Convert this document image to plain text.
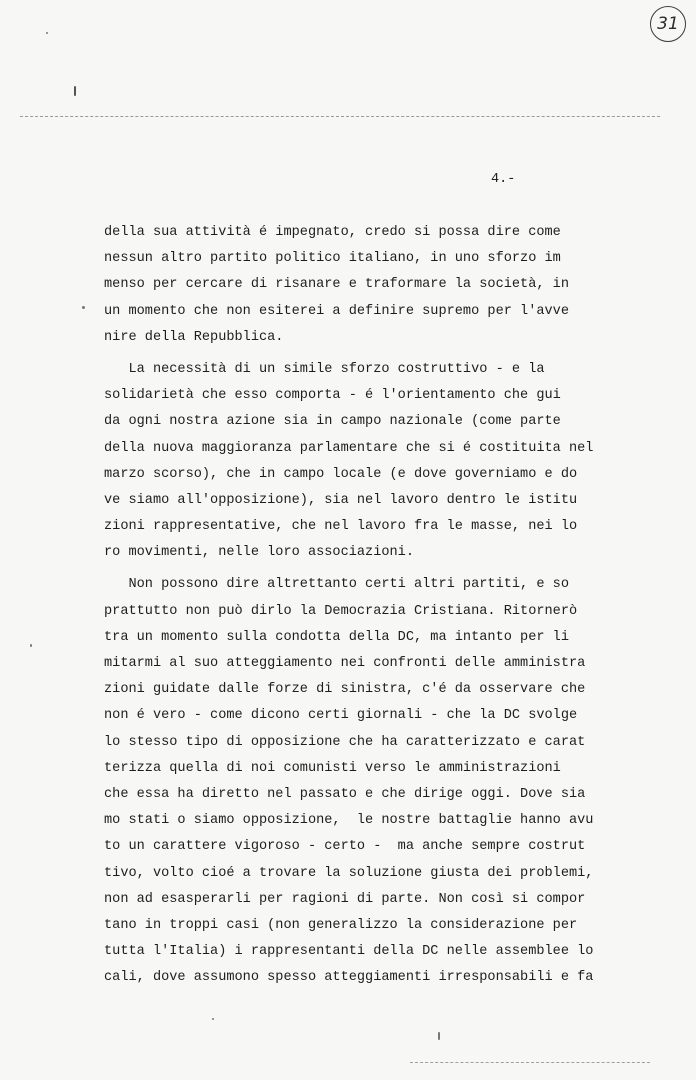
31
4.-
della sua attività é impegnato, credo si possa dire come
nessun altro partito politico italiano, in uno sforzo im
menso per cercare di risanare e traformare la società, in
un momento che non esiterei a definire supremo per l'avve
nire della Repubblica.
La necessità di un simile sforzo costruttivo - e la
solidarietà che esso comporta - é l'orientamento che gui
da ogni nostra azione sia in campo nazionale (come parte
della nuova maggioranza parlamentare che si é costituita nel
marzo scorso), che in campo locale (e dove governiamo e do
ve siamo all'opposizione), sia nel lavoro dentro le istitu
zioni rappresentative, che nel lavoro fra le masse, nei lo
ro movimenti, nelle loro associazioni.
Non possono dire altrettanto certi altri partiti, e so
prattutto non può dirlo la Democrazia Cristiana. Ritornerò
tra un momento sulla condotta della DC, ma intanto per li
mitarmi al suo atteggiamento nei confronti delle amministra
zioni guidate dalle forze di sinistra, c'é da osservare che
non é vero - come dicono certi giornali - che la DC svolge
lo stesso tipo di opposizione che ha caratterizzato e carat
terizza quella di noi comunisti verso le amministrazioni
che essa ha diretto nel passato e che dirige oggi. Dove sia
mo stati o siamo opposizione,  le nostre battaglie hanno avu
to un carattere vigoroso - certo -  ma anche sempre costrut
tivo, volto cioé a trovare la soluzione giusta dei problemi,
non ad esasperarli per ragioni di parte. Non così si compor
tano in troppi casi (non generalizzo la considerazione per
tutta l'Italia) i rappresentanti della DC nelle assemblee lo
cali, dove assumono spesso atteggiamenti irresponsabili e fa
